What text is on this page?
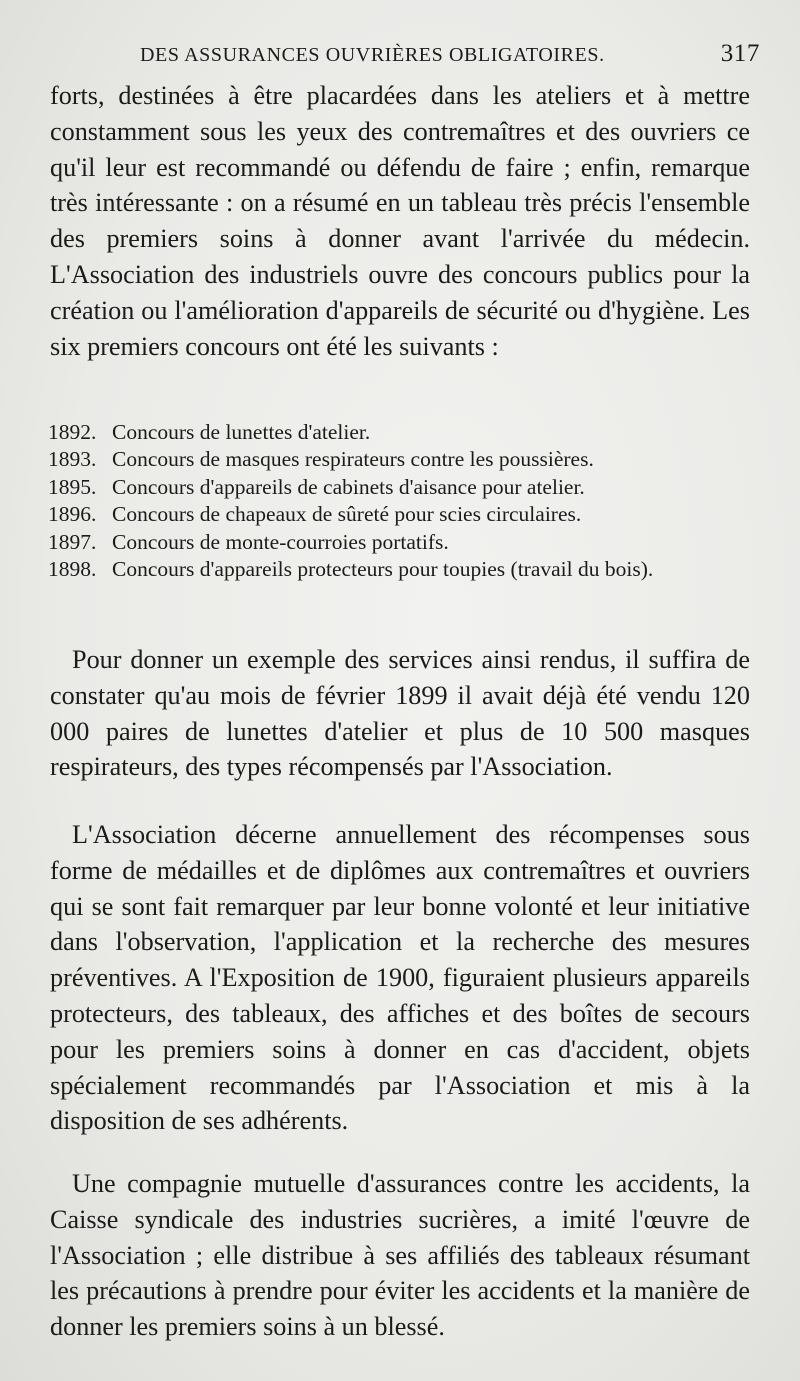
DES ASSURANCES OUVRIÈRES OBLIGATOIRES.	317

forts, destinées à être placardées dans les ateliers et à mettre constamment sous les yeux des contremaîtres et des ouvriers ce qu'il leur est recommandé ou défendu de faire ; enfin, remarque très intéressante : on a résumé en un tableau très précis l'ensemble des premiers soins à donner avant l'arrivée du médecin. L'Association des industriels ouvre des concours publics pour la création ou l'amélioration d'appareils de sécurité ou d'hygiène. Les six premiers concours ont été les suivants :

1892. Concours de lunettes d'atelier.
1893. Concours de masques respirateurs contre les poussières.
1895. Concours d'appareils de cabinets d'aisance pour atelier.
1896. Concours de chapeaux de sûreté pour scies circulaires.
1897. Concours de monte-courroies portatifs.
1898. Concours d'appareils protecteurs pour toupies (travail du bois).

Pour donner un exemple des services ainsi rendus, il suffira de constater qu'au mois de février 1899 il avait déjà été vendu 120 000 paires de lunettes d'atelier et plus de 10 500 masques respirateurs, des types récompensés par l'Association.

L'Association décerne annuellement des récompenses sous forme de médailles et de diplômes aux contremaîtres et ouvriers qui se sont fait remarquer par leur bonne volonté et leur initiative dans l'observation, l'application et la recherche des mesures préventives. A l'Exposition de 1900, figuraient plusieurs appareils protecteurs, des tableaux, des affiches et des boîtes de secours pour les premiers soins à donner en cas d'accident, objets spécialement recommandés par l'Association et mis à la disposition de ses adhérents.

Une compagnie mutuelle d'assurances contre les accidents, la Caisse syndicale des industries sucrières, a imité l'œuvre de l'Association ; elle distribue à ses affiliés des tableaux résumant les précautions à prendre pour éviter les accidents et la manière de donner les premiers soins à un blessé.
